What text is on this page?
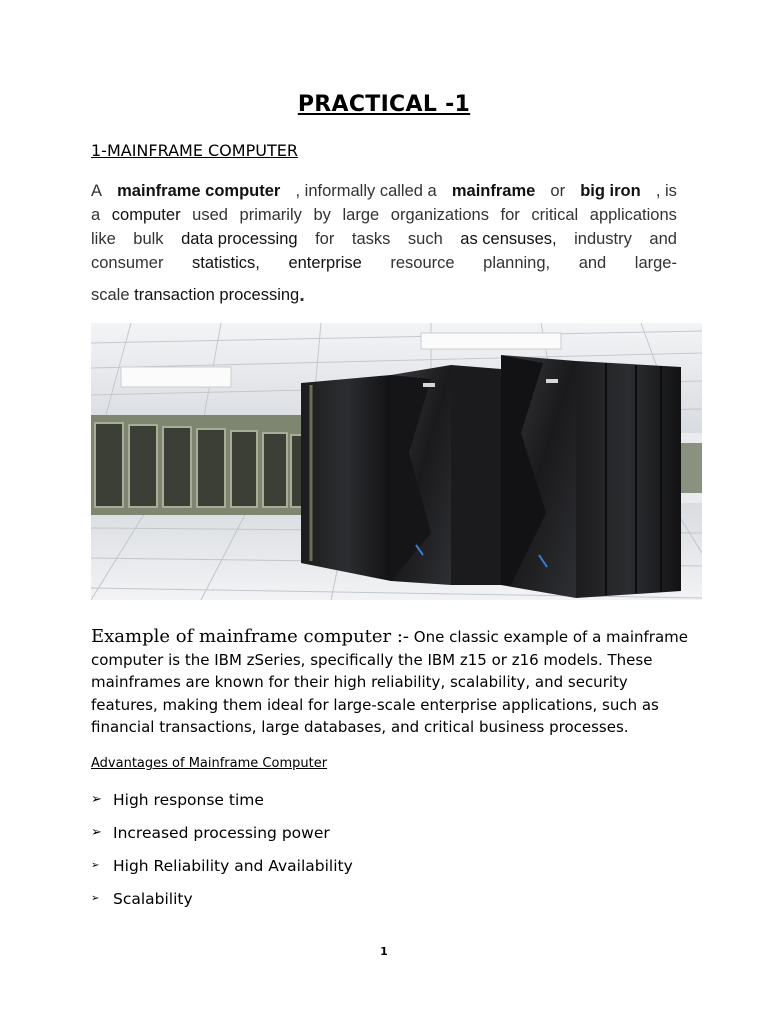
PRACTICAL -1
1-MAINFRAME COMPUTER
A mainframe computer , informally called a mainframe or big iron , is
a computer used primarily by large organizations for critical applications
like bulk data processing for tasks such as censuses, industry and
consumer statistics, enterprise resource planning, and large-
scale
transaction processing .
Example of mainframe computer :- One classic example of a mainframe computer is the IBM zSeries, specifically the IBM z15 or z16 models. These mainframes are known for their high reliability, scalability, and security features, making them ideal for large-scale enterprise applications, such as financial transactions, large databases, and critical business processes.
Advantages of Mainframe Computer
➢ High response time
➢ Increased processing power
➢ High Reliability and Availability
➢ Scalability
1
